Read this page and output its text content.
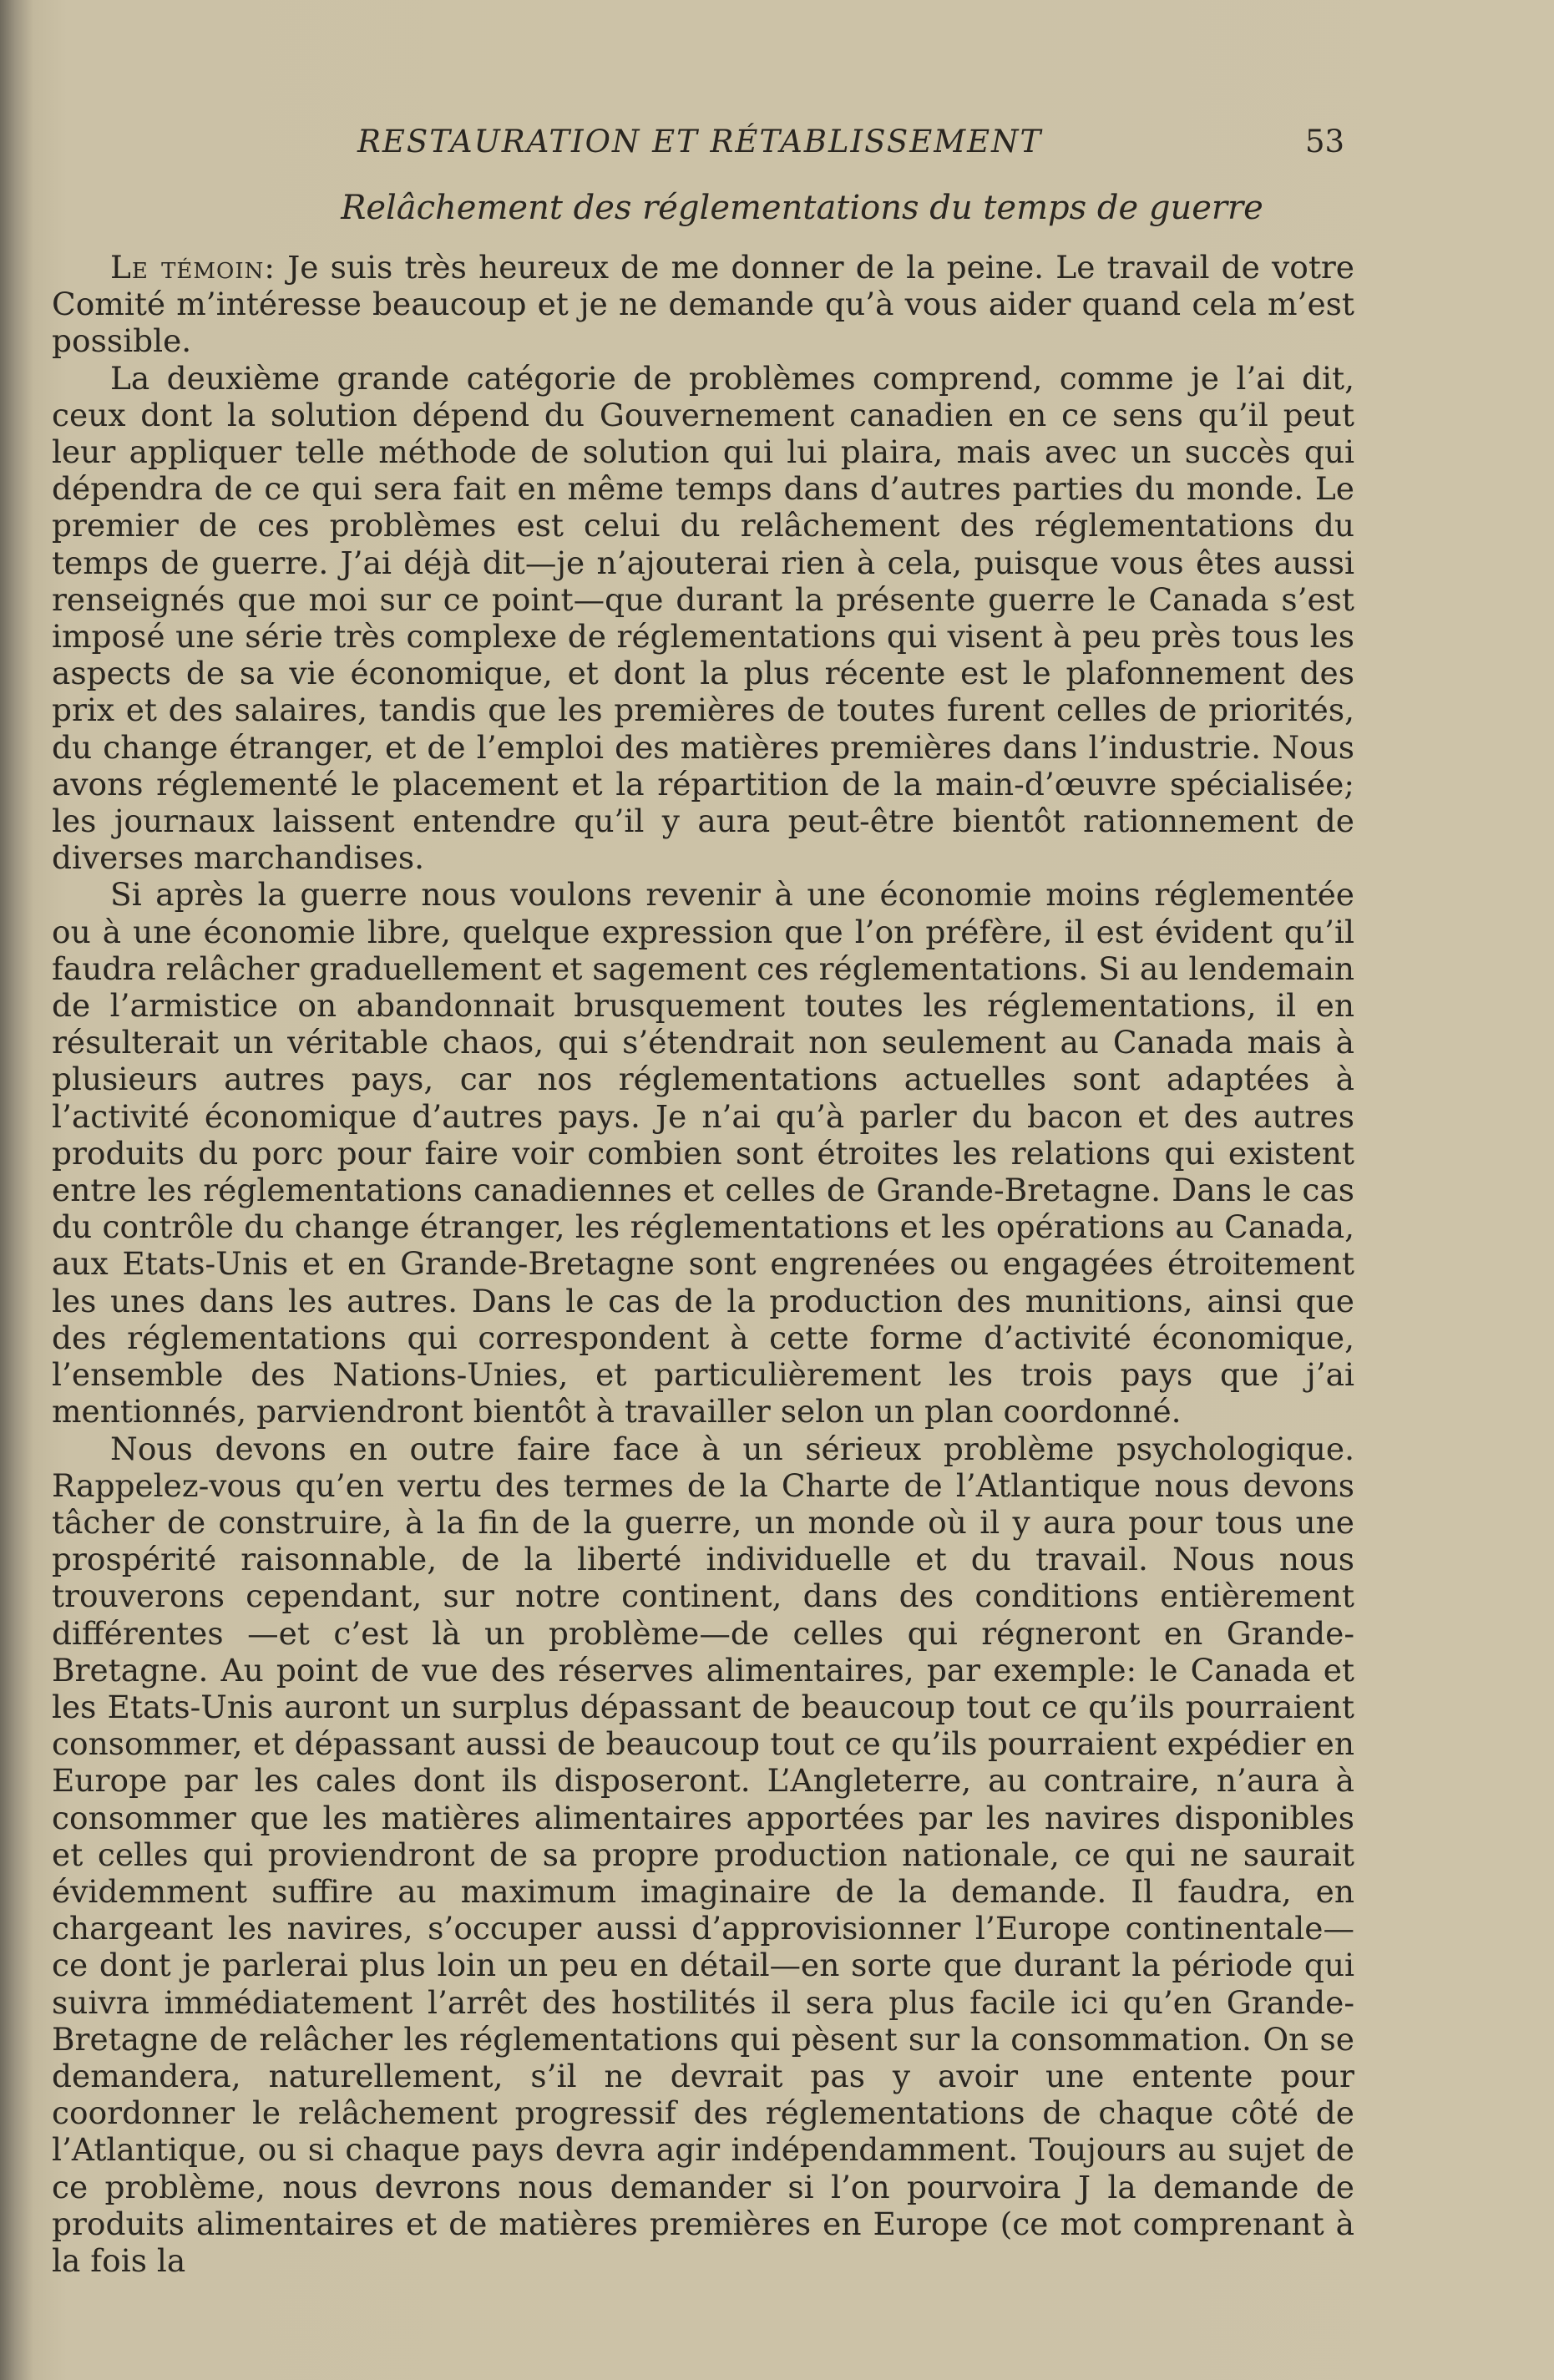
RESTAURATION ET RÉTABLISSEMENT	53
Relâchement des réglementations du temps de guerre

Le témoin: Je suis très heureux de me donner de la peine. Le travail de votre Comité m’intéresse beaucoup et je ne demande qu’à vous aider quand cela m’est possible.

La deuxième grande catégorie de problèmes comprend, comme je l’ai dit, ceux dont la solution dépend du Gouvernement canadien en ce sens qu’il peut leur appliquer telle méthode de solution qui lui plaira, mais avec un succès qui dépendra de ce qui sera fait en même temps dans d’autres parties du monde. Le premier de ces problèmes est celui du relâchement des réglementations du temps de guerre. J’ai déjà dit—je n’ajouterai rien à cela, puisque vous êtes aussi renseignés que moi sur ce point—que durant la présente guerre le Canada s’est imposé une série très complexe de réglementations qui visent à peu près tous les aspects de sa vie économique, et dont la plus récente est le plafonnement des prix et des salaires, tandis que les premières de toutes furent celles de priorités, du change étranger, et de l’emploi des matières premières dans l’industrie. Nous avons réglementé le placement et la répartition de la main-d’œuvre spécialisée; les journaux laissent entendre qu’il y aura peut-être bientôt rationnement de diverses marchandises.

Si après la guerre nous voulons revenir à une économie moins réglementée ou à une économie libre, quelque expression que l’on préfère, il est évident qu’il faudra relâcher graduellement et sagement ces réglementations. Si au lendemain de l’armistice on abandonnait brusquement toutes les réglementations, il en résulterait un véritable chaos, qui s’étendrait non seulement au Canada mais à plusieurs autres pays, car nos réglementations actuelles sont adaptées à l’activité économique d’autres pays. Je n’ai qu’à parler du bacon et des autres produits du porc pour faire voir combien sont étroites les relations qui existent entre les réglementations canadiennes et celles de Grande-Bretagne. Dans le cas du contrôle du change étranger, les réglementations et les opérations au Canada, aux Etats-Unis et en Grande-Bretagne sont engrenées ou engagées étroitement les unes dans les autres. Dans le cas de la production des munitions, ainsi que des réglementations qui correspondent à cette forme d’activité économique, l’ensemble des Nations-Unies, et particulièrement les trois pays que j’ai mentionnés, parviendront bientôt à travailler selon un plan coordonné.

Nous devons en outre faire face à un sérieux problème psychologique. Rappelez-vous qu’en vertu des termes de la Charte de l’Atlantique nous devons tâcher de construire, à la fin de la guerre, un monde où il y aura pour tous une prospérité raisonnable, de la liberté individuelle et du travail. Nous nous trouverons cependant, sur notre continent, dans des conditions entièrement différentes —et c’est là un problème—de celles qui régneront en Grande-Bretagne. Au point de vue des réserves alimentaires, par exemple: le Canada et les Etats-Unis auront un surplus dépassant de beaucoup tout ce qu’ils pourraient consommer, et dépassant aussi de beaucoup tout ce qu’ils pourraient expédier en Europe par les cales dont ils disposeront. L’Angleterre, au contraire, n’aura à consommer que les matières alimentaires apportées par les navires disponibles et celles qui proviendront de sa propre production nationale, ce qui ne saurait évidemment suffire au maximum imaginaire de la demande. Il faudra, en chargeant les navires, s’occuper aussi d’approvisionner l’Europe continentale—ce dont je parlerai plus loin un peu en détail—en sorte que durant la période qui suivra immédiatement l’arrêt des hostilités il sera plus facile ici qu’en Grande-Bretagne de relâcher les réglementations qui pèsent sur la consommation. On se demandera, naturellement, s’il ne devrait pas y avoir une entente pour coordonner le relâchement progressif des réglementations de chaque côté de l’Atlantique, ou si chaque pays devra agir indépendamment. Toujours au sujet de ce problème, nous devrons nous demander si l’on pourvoira J la demande de produits alimentaires et de matières premières en Europe (ce mot comprenant à la fois la
